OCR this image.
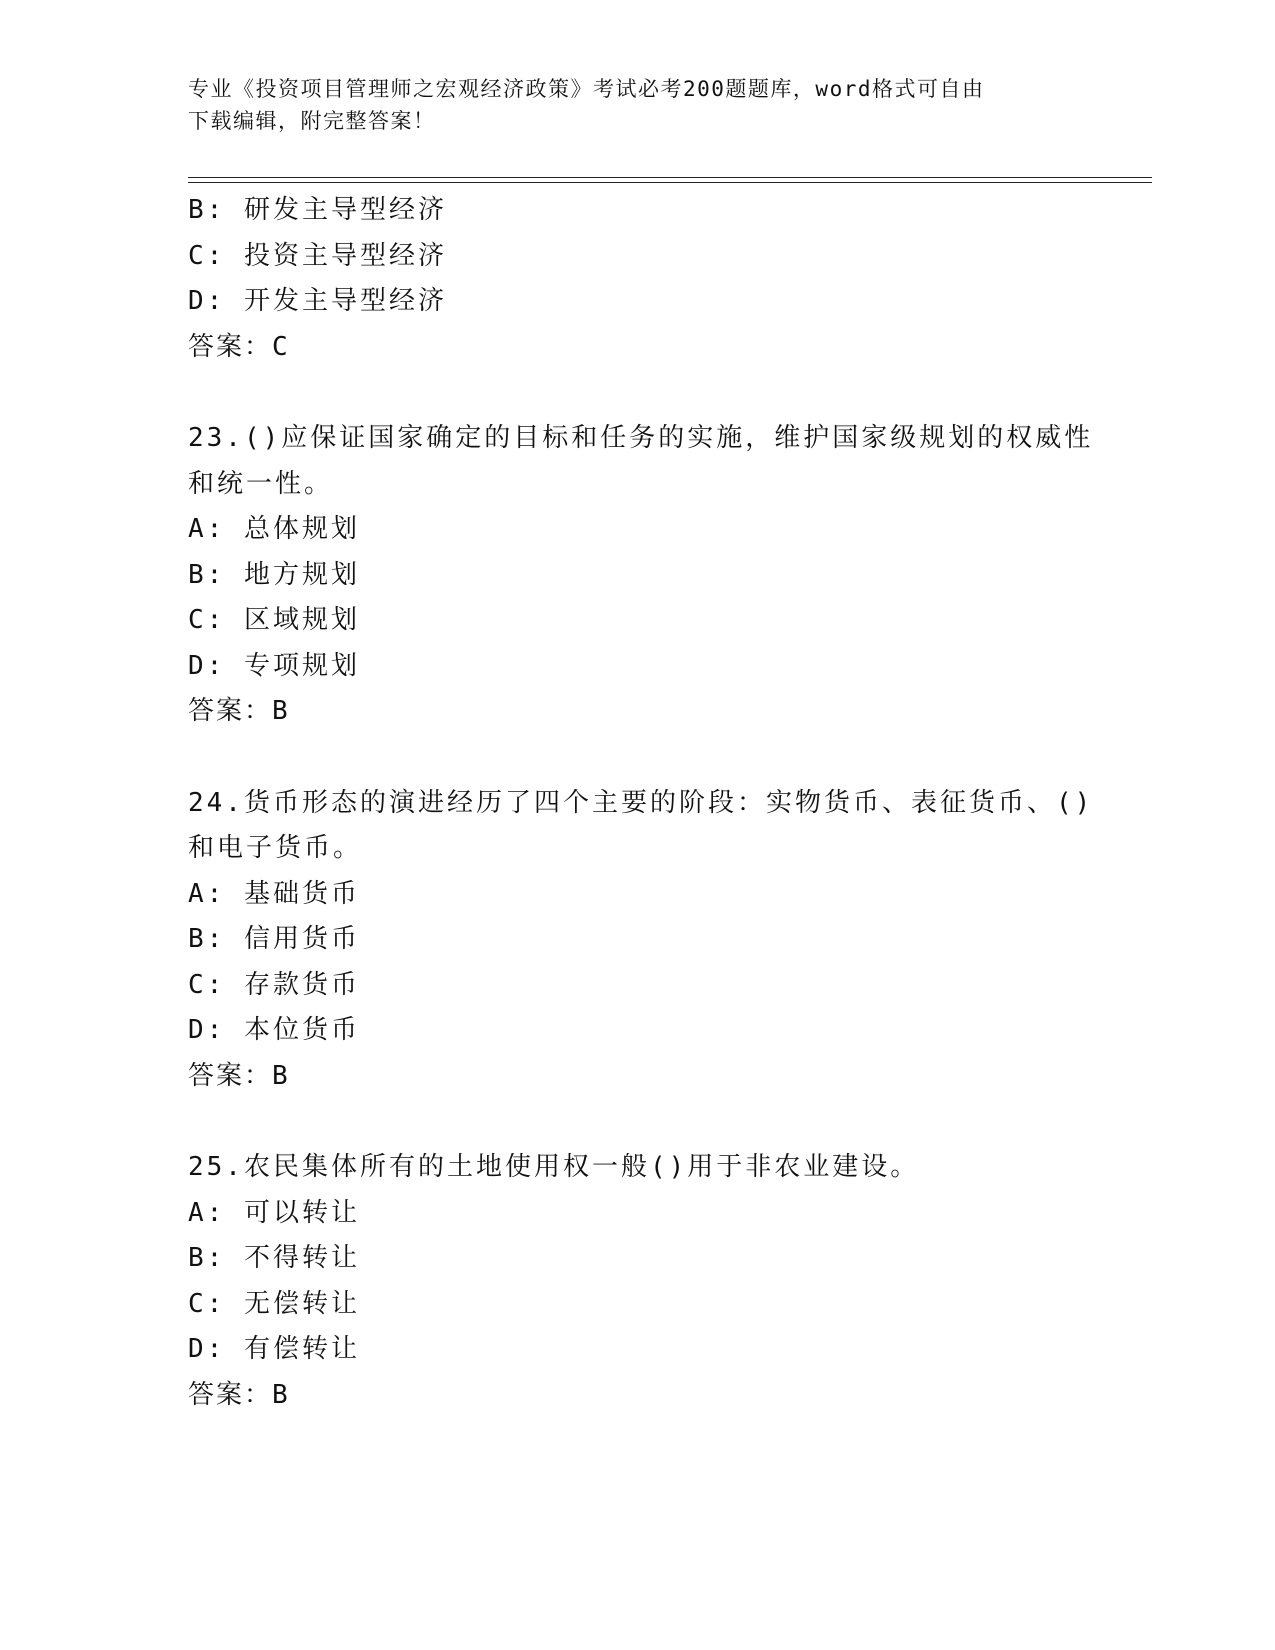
专业《投资项目管理师之宏观经济政策》考试必考200题题库，word格式可自由
下载编辑，附完整答案！
B: 研发主导型经济
C: 投资主导型经济
D: 开发主导型经济
答案：C
23.()应保证国家确定的目标和任务的实施，维护国家级规划的权威性
和统一性。
A: 总体规划
B: 地方规划
C: 区域规划
D: 专项规划
答案：B
24.货币形态的演进经历了四个主要的阶段：实物货币、表征货币、()
和电子货币。
A: 基础货币
B: 信用货币
C: 存款货币
D: 本位货币
答案：B
25.农民集体所有的土地使用权一般()用于非农业建设。
A: 可以转让
B: 不得转让
C: 无偿转让
D: 有偿转让
答案：B
